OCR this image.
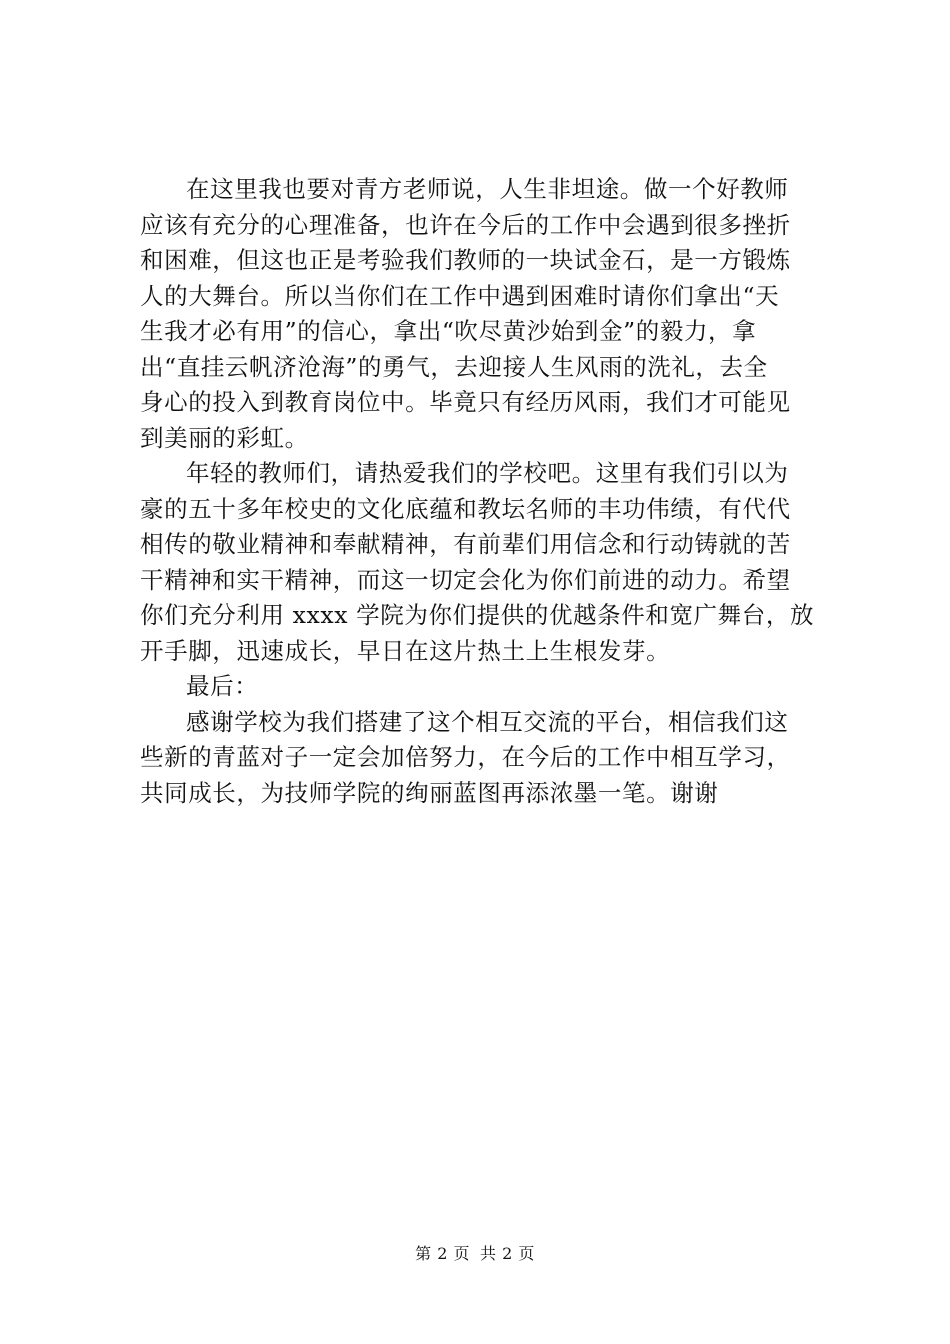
在这里我也要对青方老师说，人生非坦途。做一个好教师
应该有充分的心理准备，也许在今后的工作中会遇到很多挫折
和困难，但这也正是考验我们教师的一块试金石，是一方锻炼
人的大舞台。所以当你们在工作中遇到困难时请你们拿出“天
生我才必有用”的信心，拿出“吹尽黄沙始到金”的毅力，拿
出“直挂云帆济沧海”的勇气，去迎接人生风雨的洗礼，去全
身心的投入到教育岗位中。毕竟只有经历风雨，我们才可能见
到美丽的彩虹。
年轻的教师们，请热爱我们的学校吧。这里有我们引以为
豪的五十多年校史的文化底蕴和教坛名师的丰功伟绩，有代代
相传的敬业精神和奉献精神，有前辈们用信念和行动铸就的苦
干精神和实干精神，而这一切定会化为你们前进的动力。希望
你们充分利用 xxxx 学院为你们提供的优越条件和宽广舞台，放
开手脚，迅速成长，早日在这片热土上生根发芽。
最后：
感谢学校为我们搭建了这个相互交流的平台，相信我们这
些新的青蓝对子一定会加倍努力，在今后的工作中相互学习，
共同成长，为技师学院的绚丽蓝图再添浓墨一笔。谢谢
第 2 页 共 2 页
